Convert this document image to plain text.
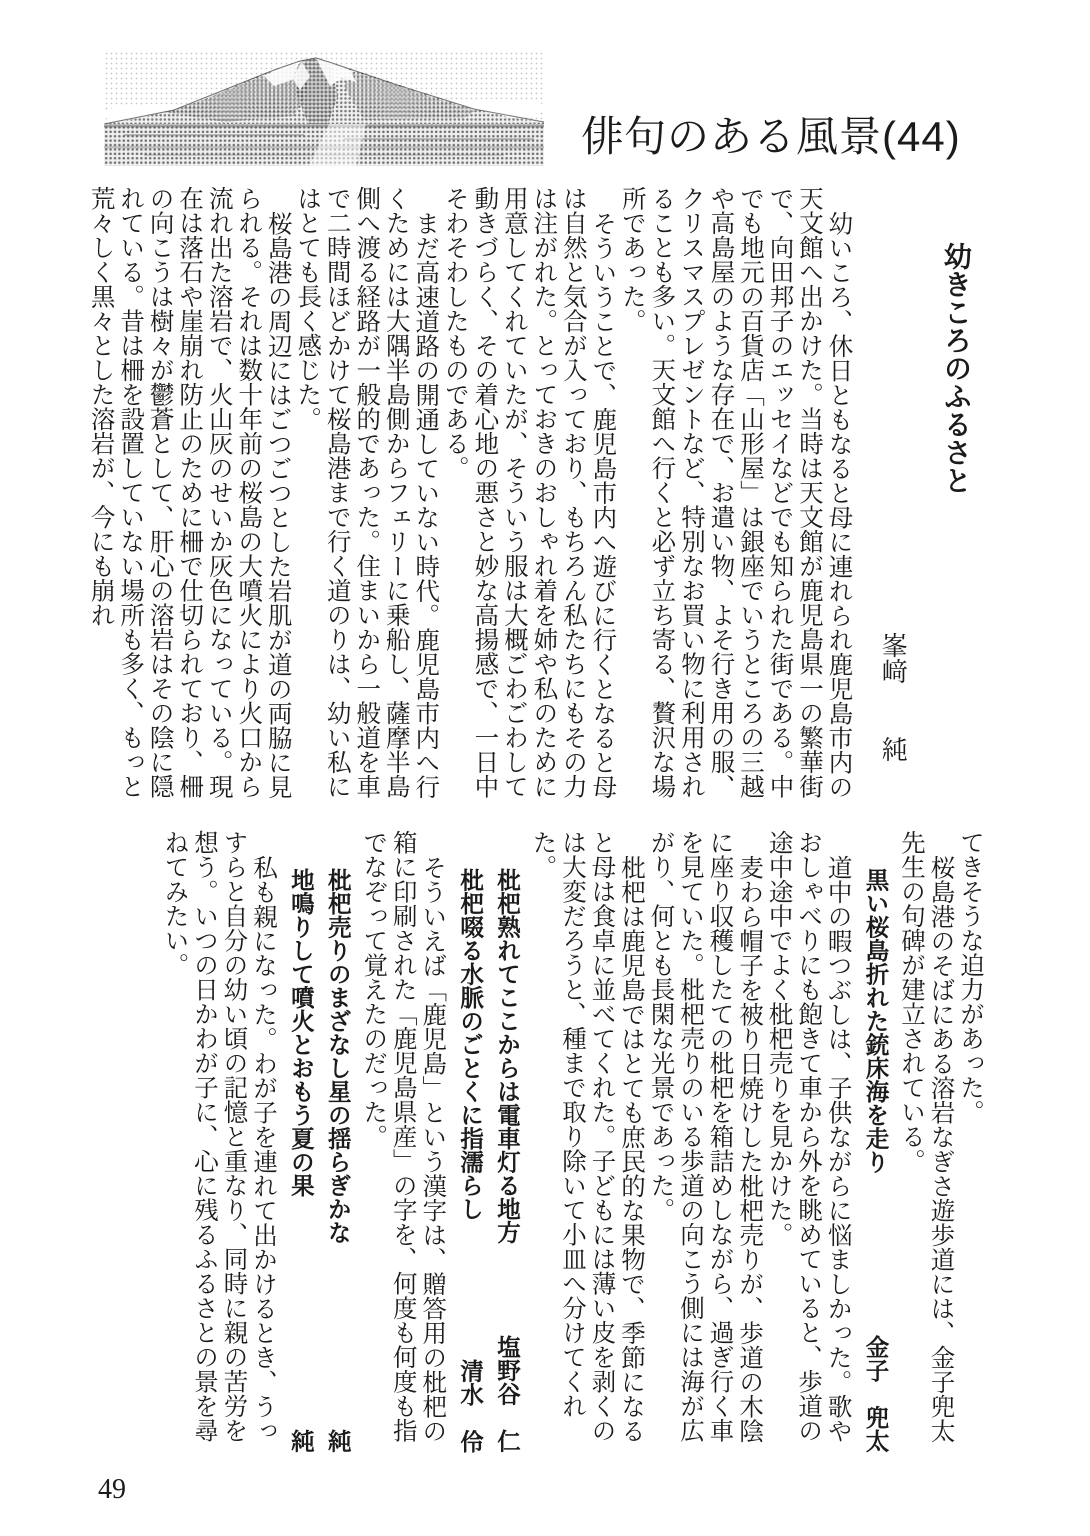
俳句のある風景(44)
幼きころのふるさと
峯﨑　　純

幼いころ、休日ともなると母に連れられ鹿児島市内の天文館へ出かけた。当時は天文館が鹿児島県一の繁華街で、向田邦子のエッセイなどでも知られた街である。中でも地元の百貨店「山形屋」は銀座でいうところの三越や高島屋のような存在で、お遣い物、よそ行き用の服、クリスマスプレゼントなど、特別なお買い物に利用されることも多い。天文館へ行くと必ず立ち寄る、贅沢な場所であった。

そういうことで、鹿児島市内へ遊びに行くとなると母は自然と気合が入っており、もちろん私たちにもその力は注がれた。とっておきのおしゃれ着を姉や私のために用意してくれていたが、そういう服は大概ごわごわして動きづらく、その着心地の悪さと妙な高揚感で、一日中そわそわしたものである。

まだ高速道路の開通していない時代。鹿児島市内へ行くためには大隅半島側からフェリーに乗船し、薩摩半島側へ渡る経路が一般的であった。住まいから一般道を車で二時間ほどかけて桜島港まで行く道のりは、幼い私にはとても長く感じた。

桜島港の周辺にはごつごつとした岩肌が道の両脇に見られる。それは数十年前の桜島の大噴火により火口から流れ出た溶岩で、火山灰のせいか灰色になっている。現在は落石や崖崩れ防止のために柵で仕切られており、柵の向こうは樹々が鬱蒼として、肝心の溶岩はその陰に隠れている。昔は柵を設置していない場所も多く、もっと荒々しく黒々とした溶岩が、今にも崩れ

てきそうな迫力があった。

桜島港のそばにある溶岩なぎさ遊歩道には、金子兜太先生の句碑が建立されている。

黒い桜島折れた銃床海を走り
金子　兜太

道中の暇つぶしは、子供ながらに悩ましかった。歌やおしゃべりにも飽きて車から外を眺めていると、歩道の途中途中でよく枇杷売りを見かけた。

麦わら帽子を被り日焼けした枇杷売りが、歩道の木陰に座り収穫したての枇杷を箱詰めしながら、過ぎ行く車を見ていた。枇杷売りのいる歩道の向こう側には海が広がり、何とも長閑な光景であった。

枇杷は鹿児島ではとても庶民的な果物で、季節になると母は食卓に並べてくれた。子どもには薄い皮を剥くのは大変だろうと、種まで取り除いて小皿へ分けてくれた。

枇杷熟れてここからは電車灯る地方
塩野谷　仁
枇杷啜る水脈のごとくに指濡らし
清水　伶

そういえば「鹿児島」という漢字は、贈答用の枇杷の箱に印刷された「鹿児島県産」の字を、何度も何度も指でなぞって覚えたのだった。

枇杷売りのまざなし星の揺らぎかな
純
地鳴りして噴火とおもう夏の果
純

私も親になった。わが子を連れて出かけるとき、うっすらと自分の幼い頃の記憶と重なり、同時に親の苦労を想う。いつの日かわが子に、心に残るふるさとの景を尋ねてみたい。

49
